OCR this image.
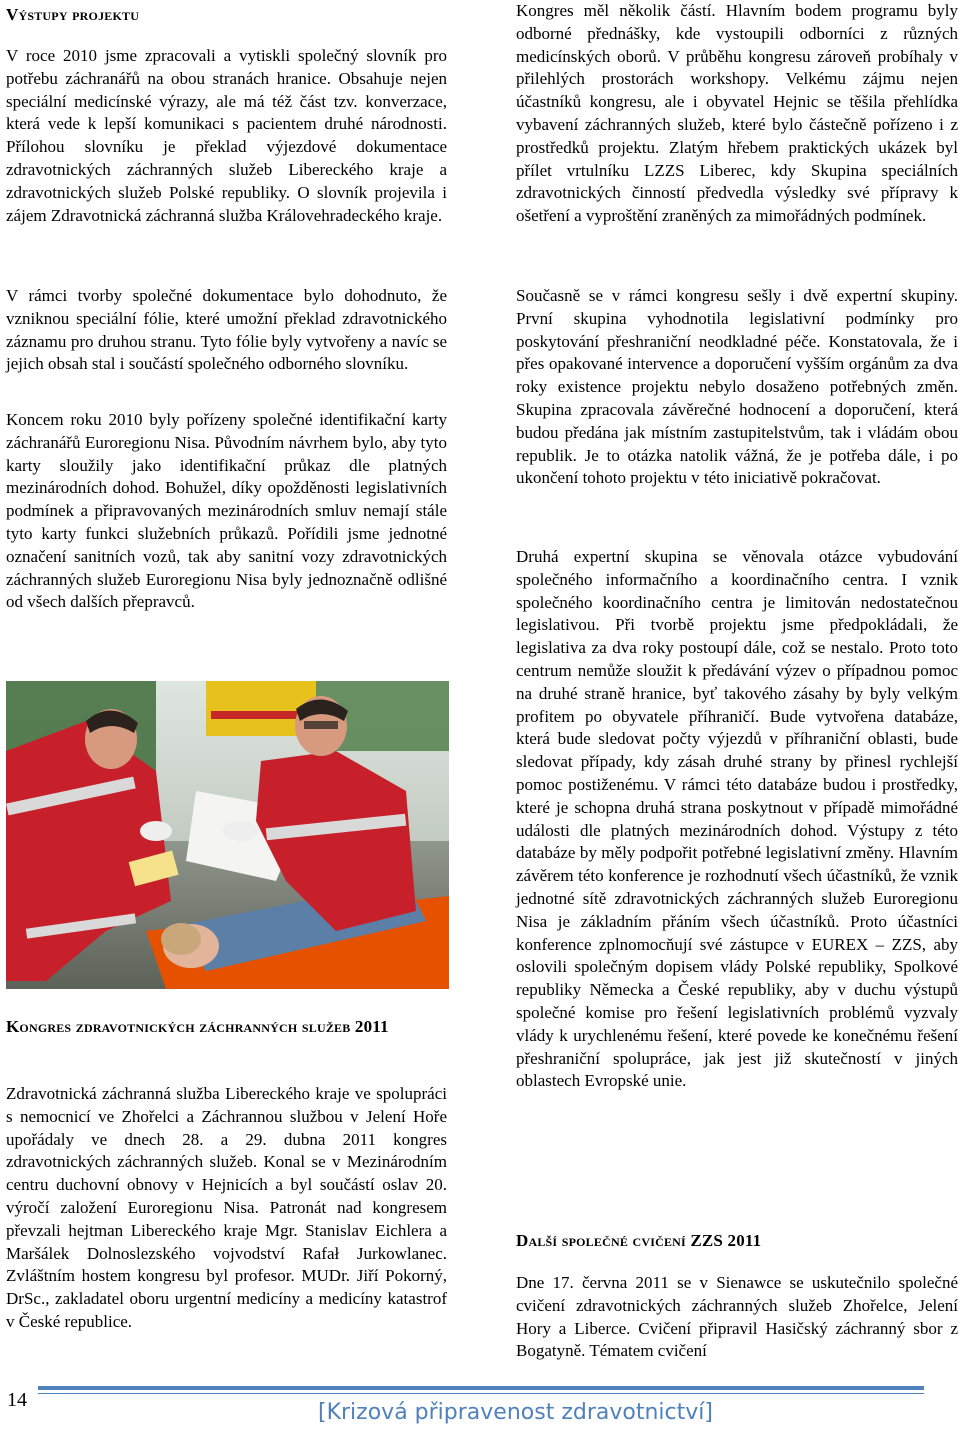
Výstupy projektu

V roce 2010 jsme zpracovali a vytiskli společný slovník pro potřebu záchranářů na obou stranách hranice. Obsahuje nejen speciální medicínské výrazy, ale má též část tzv. konverzace, která vede k lepší komunikaci s pacientem druhé národnosti. Přílohou slovníku je překlad výjezdové dokumentace zdravotnických záchranných služeb Libereckého kraje a zdravotnických služeb Polské republiky. O slovník projevila i zájem Zdravotnická záchranná služba Královehradeckého kraje.

V rámci tvorby společné dokumentace bylo dohodnuto, že vzniknou speciální fólie, které umožní překlad zdravotnického záznamu pro druhou stranu. Tyto fólie byly vytvořeny a navíc se jejich obsah stal i součástí společného odborného slovníku.

Koncem roku 2010 byly pořízeny společné identifikační karty záchranářů Euroregionu Nisa. Původním návrhem bylo, aby tyto karty sloužily jako identifikační průkaz dle platných mezinárodních dohod. Bohužel, díky opožděnosti legislativních podmínek a připravovaných mezinárodních smluv nemají stále tyto karty funkci služebních průkazů. Pořídili jsme jednotné označení sanitních vozů, tak aby sanitní vozy zdravotnických záchranných služeb Euroregionu Nisa byly jednoznačně odlišné od všech dalších přepravců.

Kongres zdravotnických záchranných služeb 2011

Zdravotnická záchranná služba Libereckého kraje ve spolupráci s nemocnicí ve Zhořelci a Záchrannou službou v Jelení Hoře upořádaly ve dnech 28. a 29. dubna 2011 kongres zdravotnických záchranných služeb. Konal se v Mezinárodním centru duchovní obnovy v Hejnicích a byl součástí oslav 20. výročí založení Euroregionu Nisa. Patronát nad kongresem převzali hejtman Libereckého kraje Mgr. Stanislav Eichlera a Maršálek Dolnoslezského vojvodství Rafał Jurkowlanec. Zvláštním hostem kongresu byl profesor. MUDr. Jiří Pokorný, DrSc., zakladatel oboru urgentní medicíny a medicíny katastrof v České republice.

Kongres měl několik částí. Hlavním bodem programu byly odborné přednášky, kde vystoupili odborníci z různých medicínských oborů. V průběhu kongresu zároveň probíhaly v přilehlých prostorách workshopy. Velkému zájmu nejen účastníků kongresu, ale i obyvatel Hejnic se těšila přehlídka vybavení záchranných služeb, které bylo částečně pořízeno i z prostředků projektu. Zlatým hřebem praktických ukázek byl přílet vrtulníku LZZS Liberec, kdy Skupina speciálních zdravotnických činností předvedla výsledky své přípravy k ošetření a vyproštění zraněných za mimořádných podmínek.

Současně se v rámci kongresu sešly i dvě expertní skupiny. První skupina vyhodnotila legislativní podmínky pro poskytování přeshraniční neodkladné péče. Konstatovala, že i přes opakované intervence a doporučení vyšším orgánům za dva roky existence projektu nebylo dosaženo potřebných změn. Skupina zpracovala závěrečné hodnocení a doporučení, která budou předána jak místním zastupitelstvům, tak i vládám obou republik. Je to otázka natolik vážná, že je potřeba dále, i po ukončení tohoto projektu v této iniciativě pokračovat.

Druhá expertní skupina se věnovala otázce vybudování společného informačního a koordinačního centra. I vznik společného koordinačního centra je limitován nedostatečnou legislativou. Při tvorbě projektu jsme předpokládali, že legislativa za dva roky postoupí dále, což se nestalo. Proto toto centrum nemůže sloužit k předávání výzev o případnou pomoc na druhé straně hranice, byť takového zásahy by byly velkým profitem po obyvatele příhraničí. Bude vytvořena databáze, která bude sledovat počty výjezdů v příhraniční oblasti, bude sledovat případy, kdy zásah druhé strany by přinesl rychlejší pomoc postiženému. V rámci této databáze budou i prostředky, které je schopna druhá strana poskytnout v případě mimořádné události dle platných mezinárodních dohod. Výstupy z této databáze by měly podpořit potřebné legislativní změny. Hlavním závěrem této konference je rozhodnutí všech účastníků, že vznik jednotné sítě zdravotnických záchranných služeb Euroregionu Nisa je základním přáním všech účastníků. Proto účastníci konference zplnomocňují své zástupce v EUREX – ZZS, aby oslovili společným dopisem vlády Polské republiky, Spolkové republiky Německa a České republiky, aby v duchu výstupů společné komise pro řešení legislativních problémů vyzvaly vlády k urychlenému řešení, které povede ke konečnému řešení přeshraniční spolupráce, jak jest již skutečností v jiných oblastech Evropské unie.

Další společné cvičení ZZS 2011

Dne 17. června 2011 se v Sienawce se uskutečnilo společné cvičení zdravotnických záchranných služeb Zhořelce, Jelení Hory a Liberce. Cvičení připravil Hasičský záchranný sbor z Bogatyně. Tématem cvičení

14	[Krizová připravenost zdravotnictví]
